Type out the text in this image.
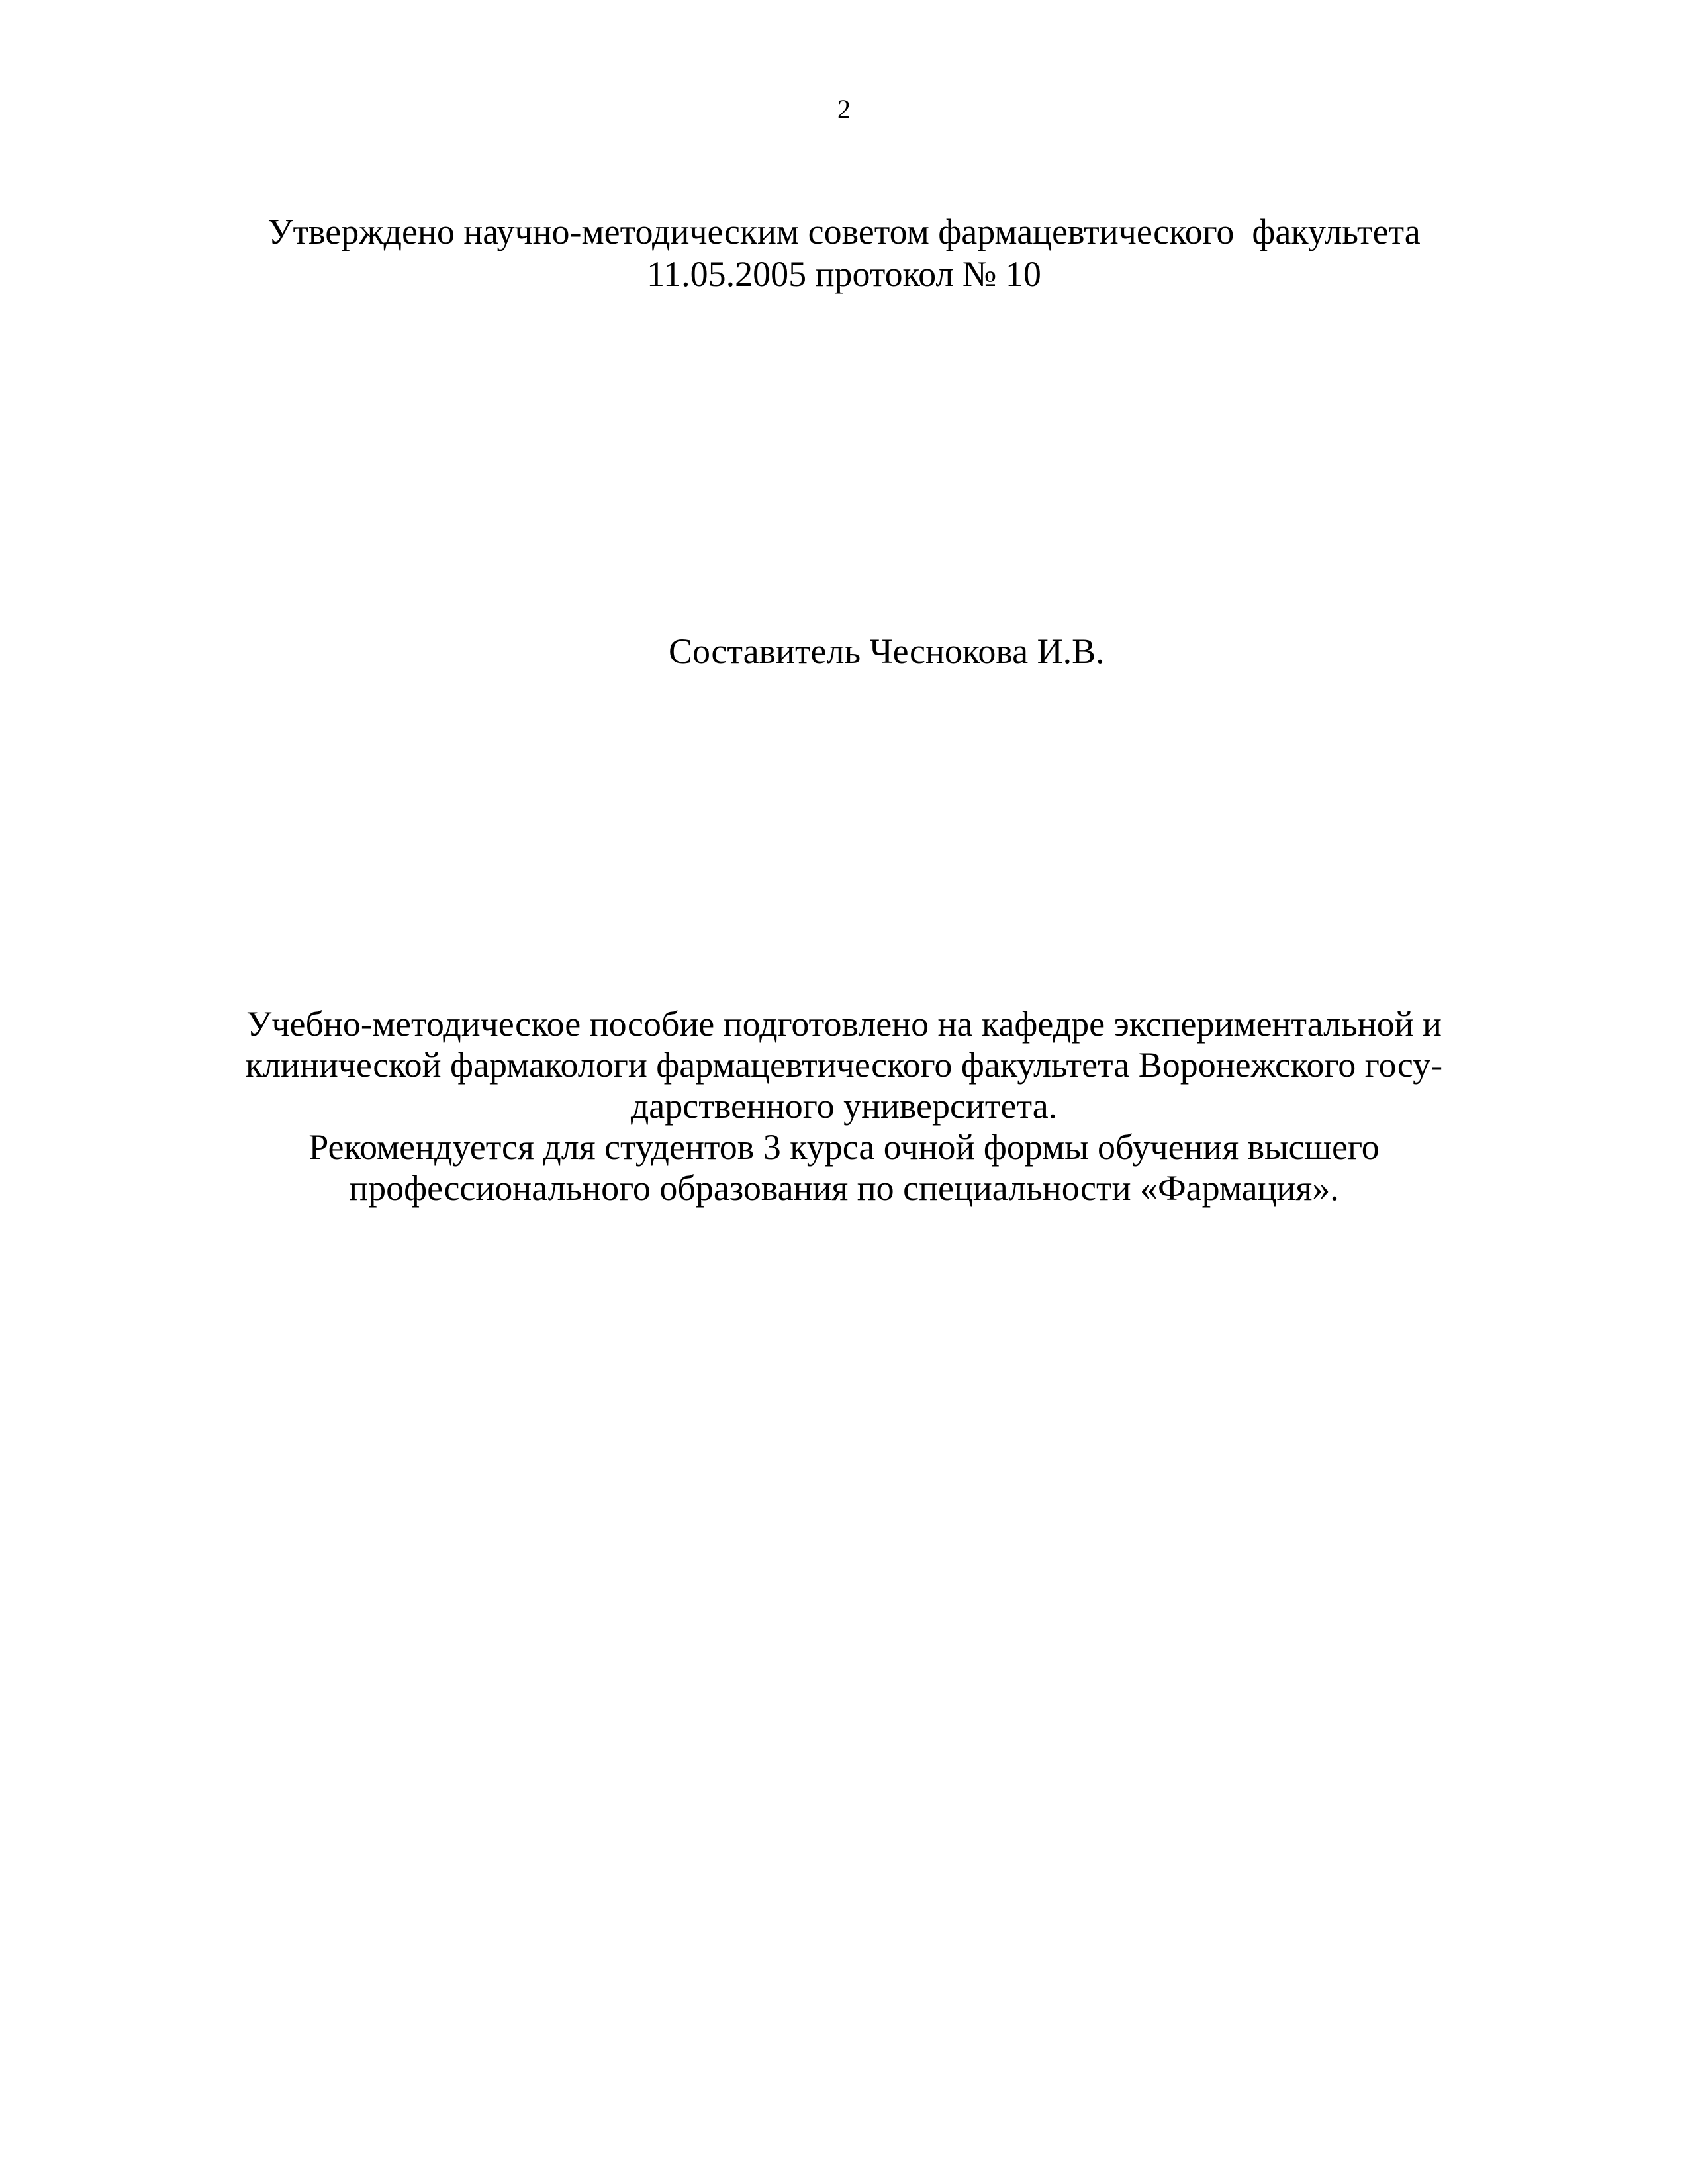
2
Утверждено научно-методическим советом фармацевтического  факультета
11.05.2005 протокол № 10
Составитель Чеснокова И.В.
Учебно-методическое пособие подготовлено на кафедре экспериментальной и
клинической фармакологи фармацевтического факультета Воронежского госу-
дарственного университета.
Рекомендуется для студентов 3 курса очной формы обучения высшего
профессионального образования по специальности «Фармация».
